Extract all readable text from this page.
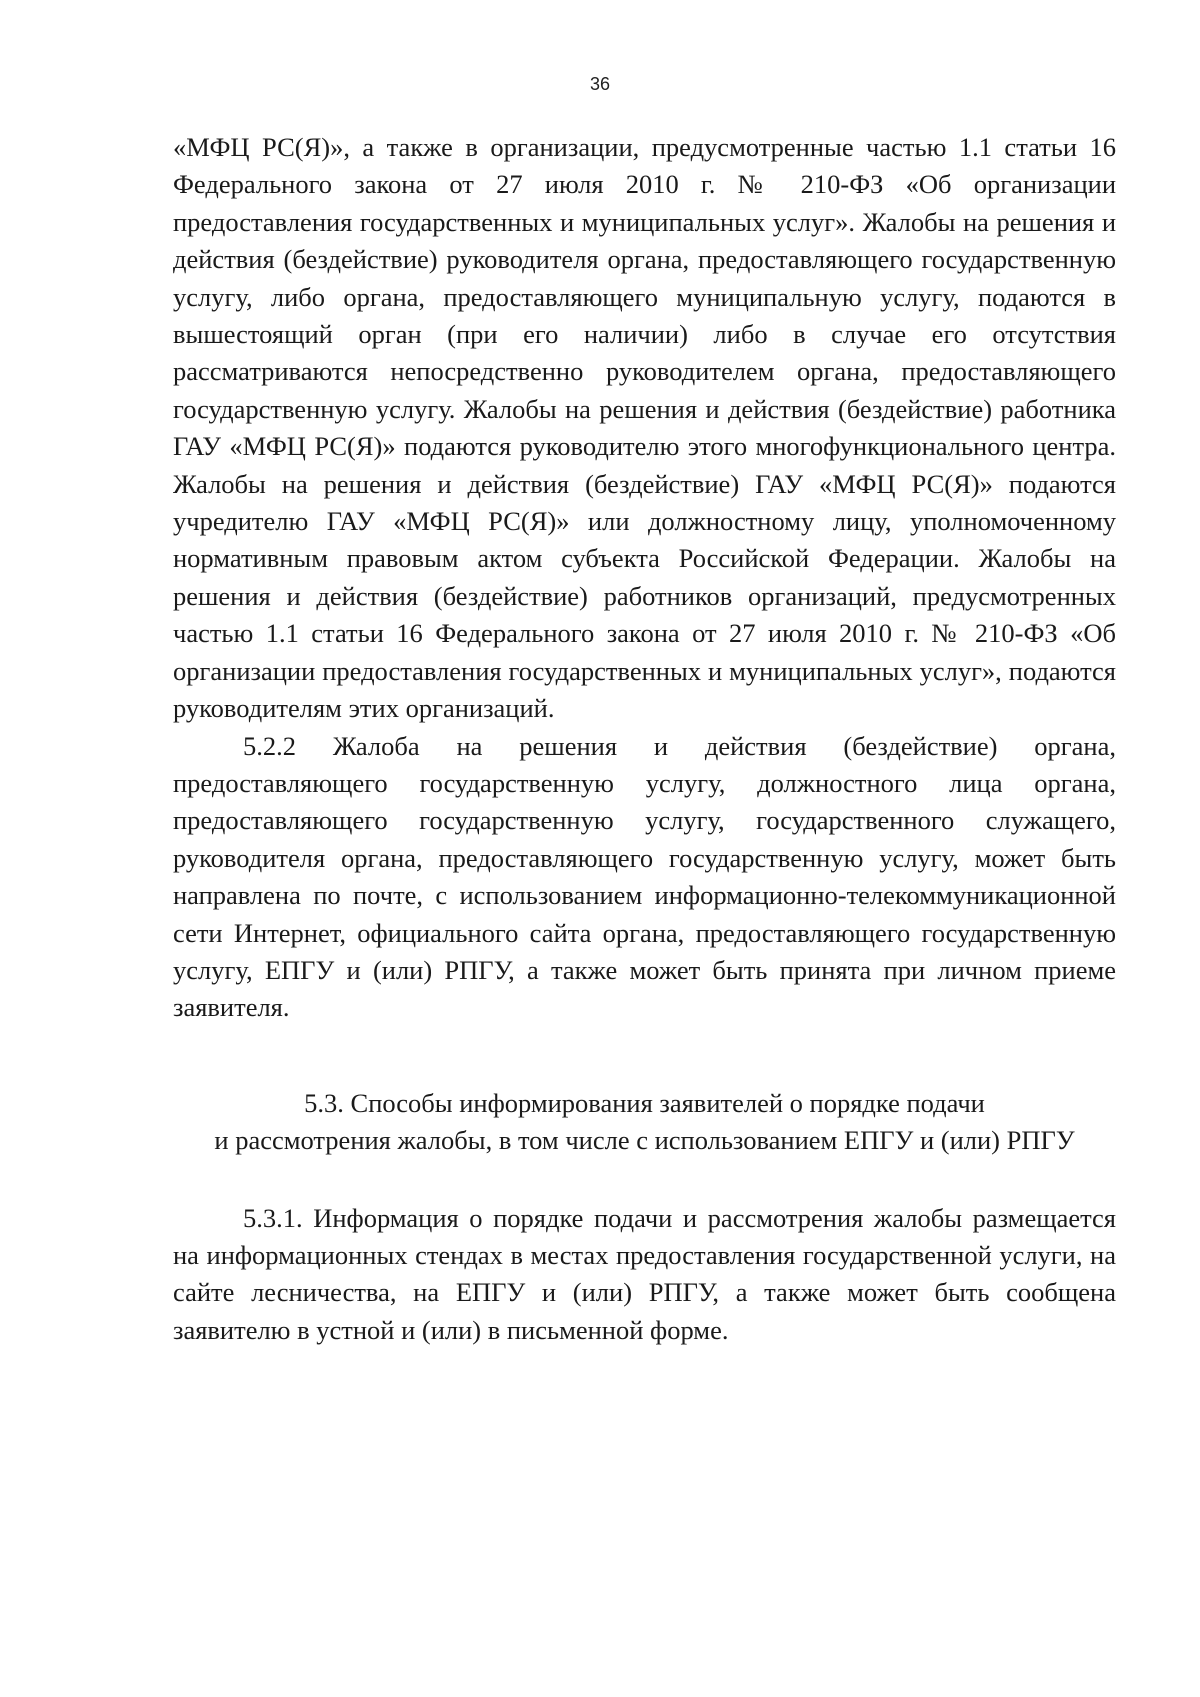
36

«МФЦ РС(Я)», а также в организации, предусмотренные частью 1.1 статьи 16 Федерального закона от 27 июля 2010 г. № 210-ФЗ «Об организации предоставления государственных и муниципальных услуг». Жалобы на решения и действия (бездействие) руководителя органа, предоставляющего государственную услугу, либо органа, предоставляющего муниципальную услугу, подаются в вышестоящий орган (при его наличии) либо в случае его отсутствия рассматриваются непосредственно руководителем органа, предоставляющего государственную услугу. Жалобы на решения и действия (бездействие) работника ГАУ «МФЦ РС(Я)» подаются руководителю этого многофункционального центра. Жалобы на решения и действия (бездействие) ГАУ «МФЦ РС(Я)» подаются учредителю ГАУ «МФЦ РС(Я)» или должностному лицу, уполномоченному нормативным правовым актом субъекта Российской Федерации. Жалобы на решения и действия (бездействие) работников организаций, предусмотренных частью 1.1 статьи 16 Федерального закона от 27 июля 2010 г. № 210-ФЗ «Об организации предоставления государственных и муниципальных услуг», подаются руководителям этих организаций.

5.2.2 Жалоба на решения и действия (бездействие) органа, предоставляющего государственную услугу, должностного лица органа, предоставляющего государственную услугу, государственного служащего, руководителя органа, предоставляющего государственную услугу, может быть направлена по почте, с использованием информационно-телекоммуникационной сети Интернет, официального сайта органа, предоставляющего государственную услугу, ЕПГУ и (или) РПГУ, а также может быть принята при личном приеме заявителя.

5.3. Способы информирования заявителей о порядке подачи
и рассмотрения жалобы, в том числе с использованием ЕПГУ и (или) РПГУ

5.3.1. Информация о порядке подачи и рассмотрения жалобы размещается на информационных стендах в местах предоставления государственной услуги, на сайте лесничества, на ЕПГУ и (или) РПГУ, а также может быть сообщена заявителю в устной и (или) в письменной форме.
